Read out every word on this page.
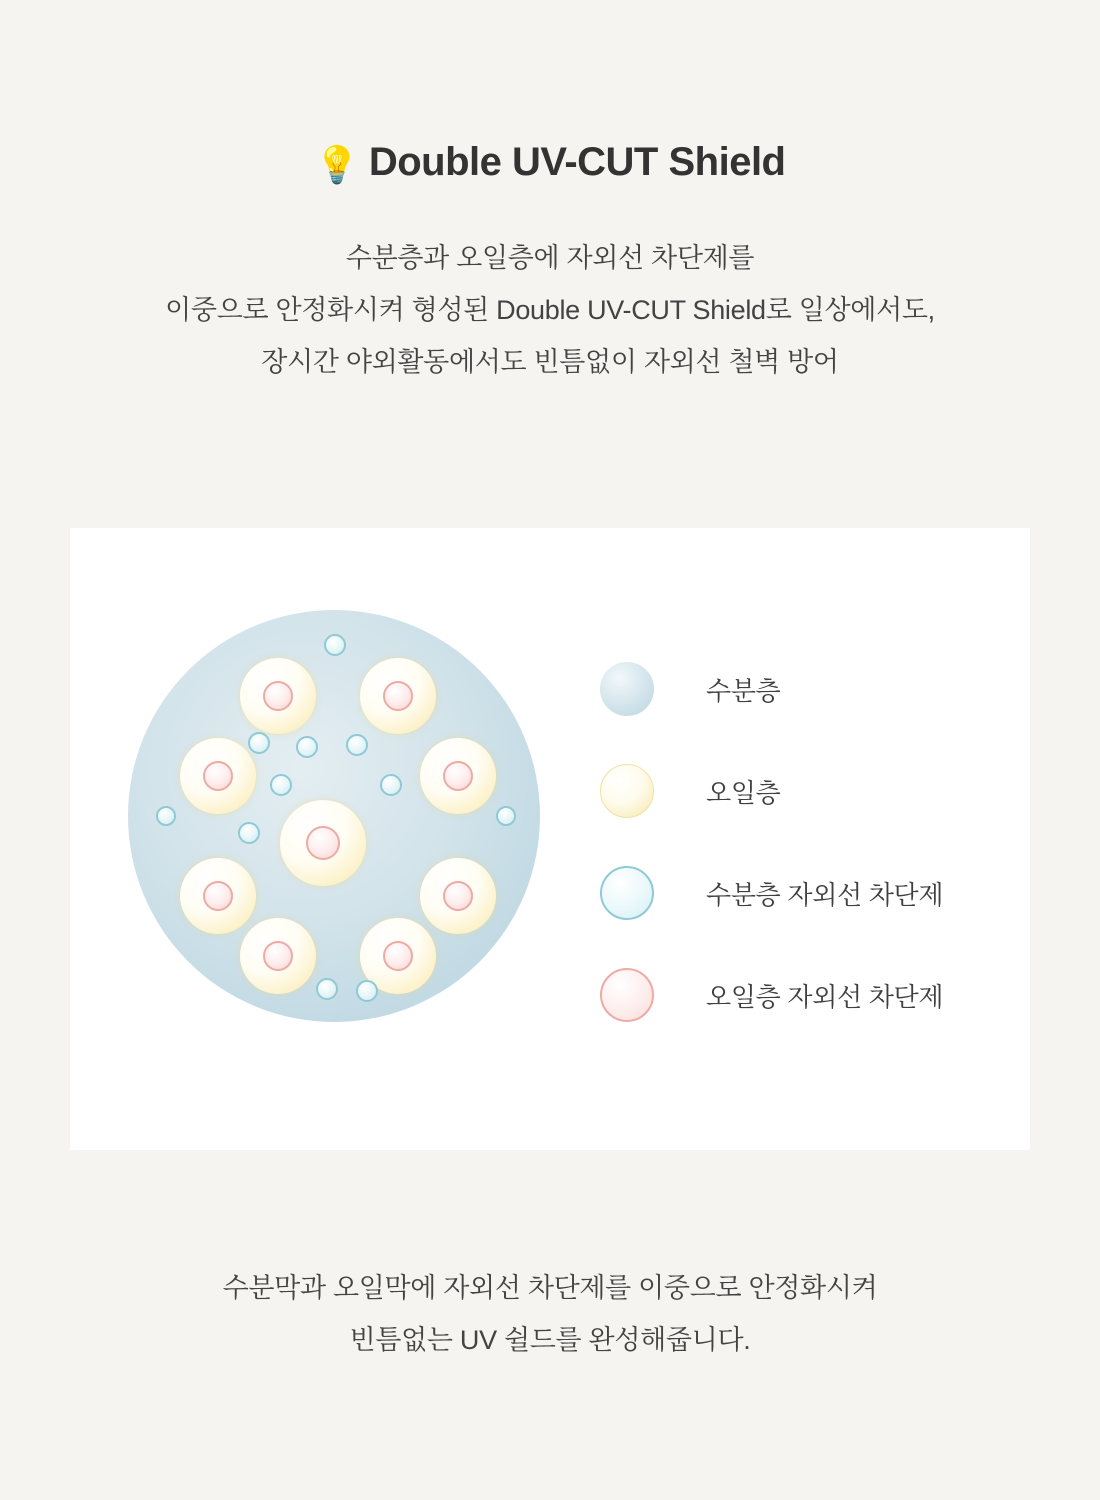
💡 Double UV-CUT Shield
수분층과 오일층에 자외선 차단제를
이중으로 안정화시켜 형성된 Double UV-CUT Shield로 일상에서도,
장시간 야외활동에서도 빈틈없이 자외선 철벽 방어
수분층
오일층
수분층 자외선 차단제
오일층 자외선 차단제
수분막과 오일막에 자외선 차단제를 이중으로 안정화시켜
빈틈없는 UV 쉴드를 완성해줍니다.
